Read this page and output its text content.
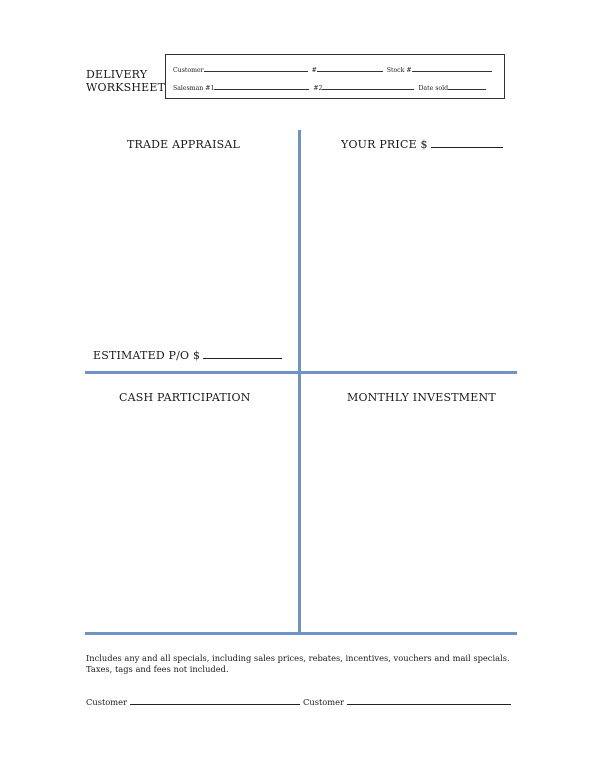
DELIVERY
WORKSHEET
Customer	#	Stock #
Salesman #1	#2	Date sold
TRADE APPRAISAL	YOUR PRICE $
ESTIMATED P/O $
CASH PARTICIPATION	MONTHLY INVESTMENT
Includes any and all specials, including sales prices, rebates, incentives, vouchers and mail specials.
Taxes, tags and fees not included.
Customer	Customer
